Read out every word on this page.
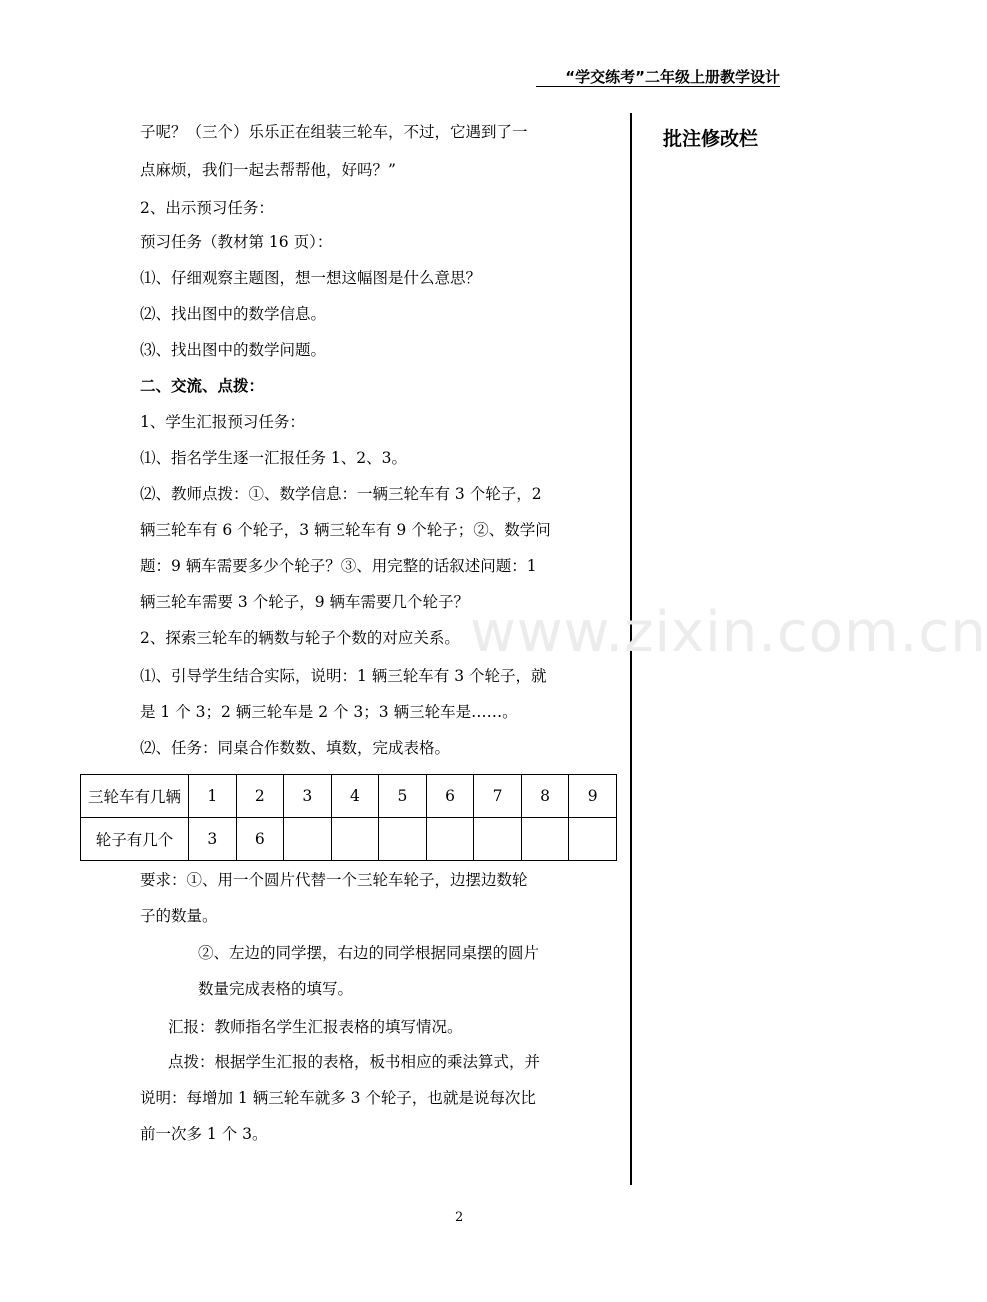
“学交练考”二年级上册教学设计
批注修改栏
www.zixin.com.cn
子呢？（三个）乐乐正在组装三轮车，不过，它遇到了一
点麻烦，我们一起去帮帮他，好吗？”
2、出示预习任务：
预习任务（教材第 16 页）：
⑴、仔细观察主题图，想一想这幅图是什么意思？
⑵、找出图中的数学信息。
⑶、找出图中的数学问题。
二、交流、点拨：
1、学生汇报预习任务：
⑴、指名学生逐一汇报任务 1、2、3。
⑵、教师点拨：①、数学信息：一辆三轮车有 3 个轮子，2
辆三轮车有 6 个轮子，3 辆三轮车有 9 个轮子；②、数学问
题：9 辆车需要多少个轮子？③、用完整的话叙述问题：1
辆三轮车需要 3 个轮子，9 辆车需要几个轮子？
2、探索三轮车的辆数与轮子个数的对应关系。
⑴、引导学生结合实际，说明：1 辆三轮车有 3 个轮子，就
是 1 个 3；2 辆三轮车是 2 个 3；3 辆三轮车是……。
⑵、任务：同桌合作数数、填数，完成表格。
三轮车有几辆	1	2	3	4	5	6	7	8	9
轮子有几个	3	6							
要求：①、用一个圆片代替一个三轮车轮子，边摆边数轮
子的数量。
②、左边的同学摆，右边的同学根据同桌摆的圆片
数量完成表格的填写。
汇报：教师指名学生汇报表格的填写情况。
点拨：根据学生汇报的表格，板书相应的乘法算式，并
说明：每增加 1 辆三轮车就多 3 个轮子，也就是说每次比
前一次多 1 个 3。
2
